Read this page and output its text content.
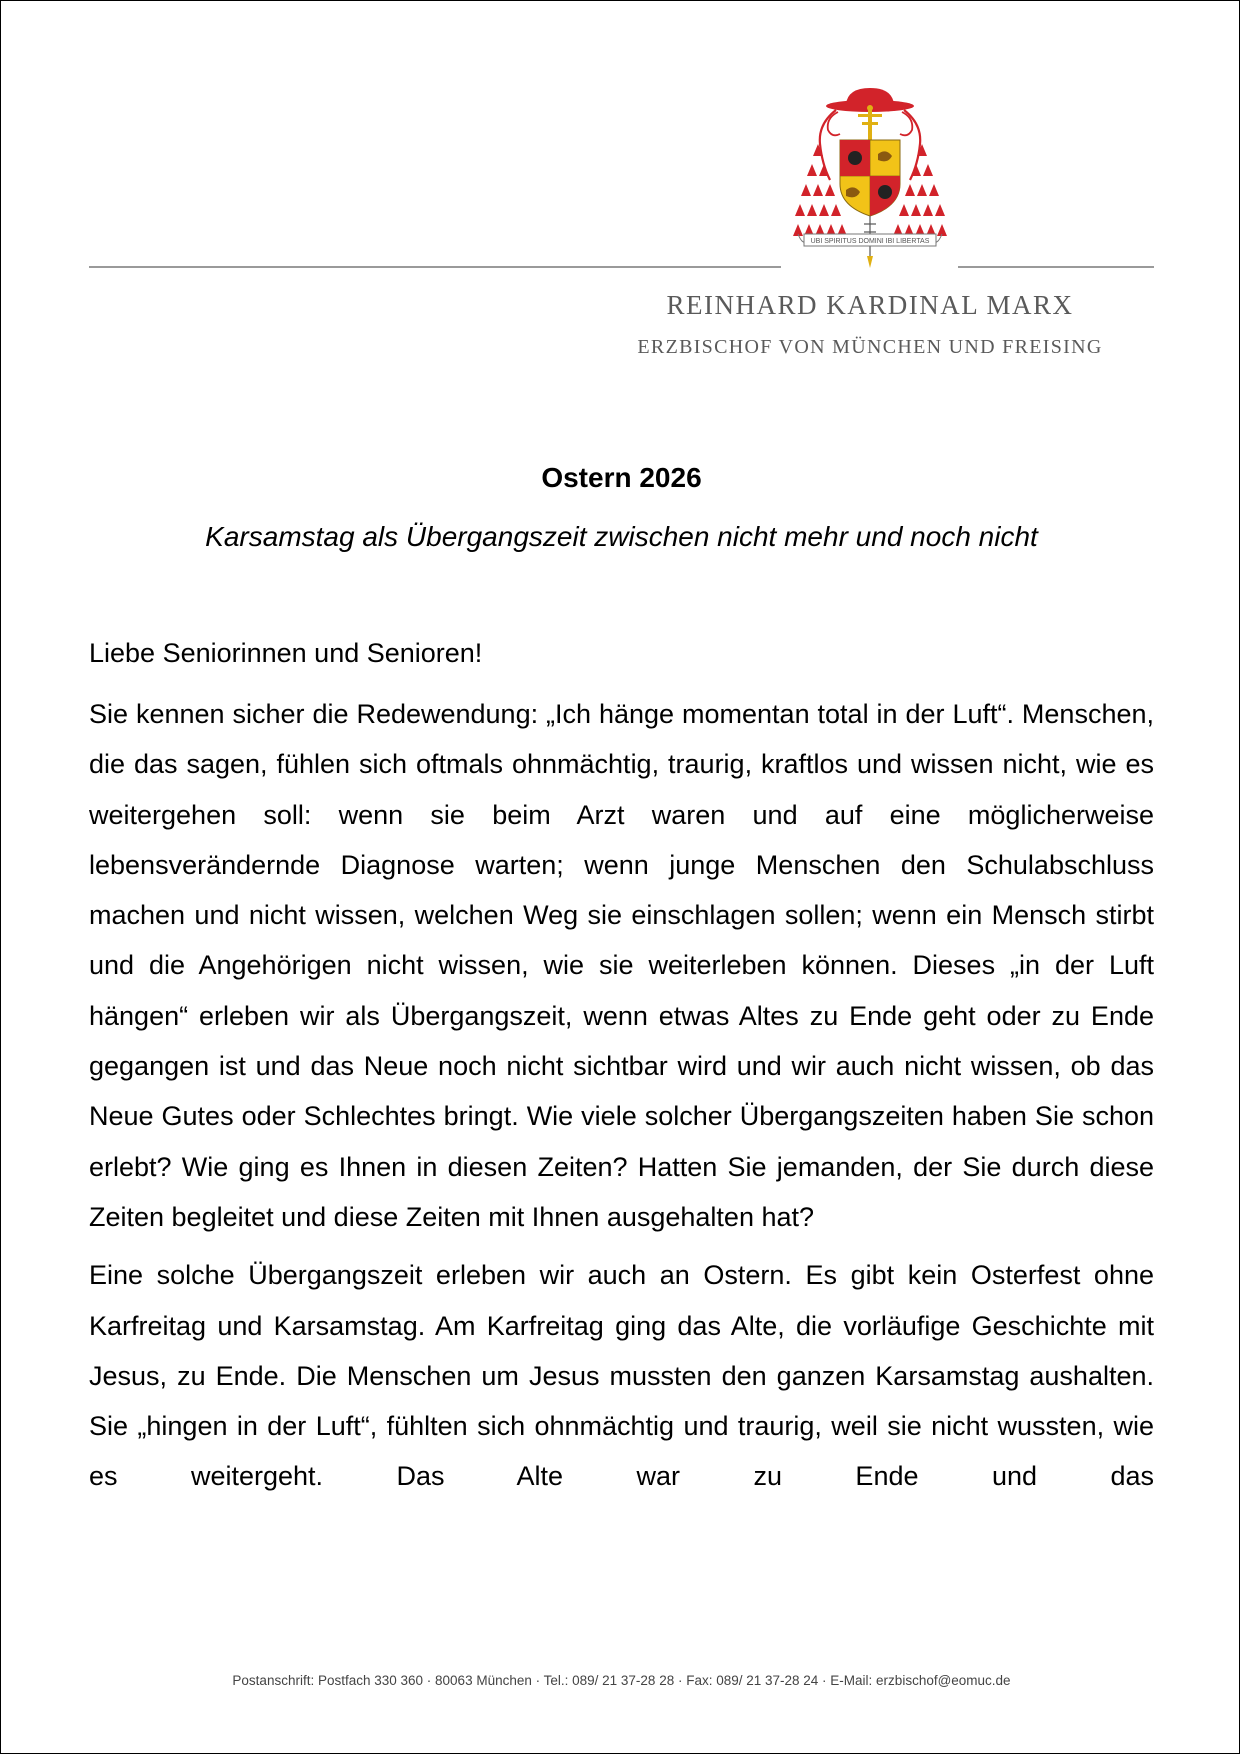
UBI SPIRITUS DOMINI IBI LIBERTAS
REINHARD KARDINAL MARX
ERZBISCHOF VON MÜNCHEN UND FREISING
Ostern 2026
Karsamstag als Übergangszeit zwischen nicht mehr und noch nicht
Liebe Seniorinnen und Senioren!

Sie kennen sicher die Redewendung: „Ich hänge momentan total in der Luft“. Menschen, die das sagen, fühlen sich oftmals ohnmächtig, traurig, kraftlos und wissen nicht, wie es weitergehen soll: wenn sie beim Arzt waren und auf eine möglicherweise lebensverändernde Diagnose warten; wenn junge Menschen den Schulabschluss machen und nicht wissen, welchen Weg sie einschlagen sollen; wenn ein Mensch stirbt und die Angehörigen nicht wissen, wie sie weiterleben können. Dieses „in der Luft hängen“ erleben wir als Übergangszeit, wenn etwas Altes zu Ende geht oder zu Ende gegangen ist und das Neue noch nicht sichtbar wird und wir auch nicht wissen, ob das Neue Gutes oder Schlechtes bringt. Wie viele solcher Übergangszeiten haben Sie schon erlebt? Wie ging es Ihnen in diesen Zeiten? Hatten Sie jemanden, der Sie durch diese Zeiten begleitet und diese Zeiten mit Ihnen ausgehalten hat?

Eine solche Übergangszeit erleben wir auch an Ostern. Es gibt kein Osterfest ohne Karfreitag und Karsamstag. Am Karfreitag ging das Alte, die vorläufige Geschichte mit Jesus, zu Ende. Die Menschen um Jesus mussten den ganzen Karsamstag aushalten. Sie „hingen in der Luft“, fühlten sich ohnmächtig und traurig, weil sie nicht wussten, wie es weitergeht. Das Alte war zu Ende und das

Postanschrift: Postfach 330 360 · 80063 München · Tel.: 089/ 21 37-28 28 · Fax: 089/ 21 37-28 24 · E-Mail: erzbischof@eomuc.de
